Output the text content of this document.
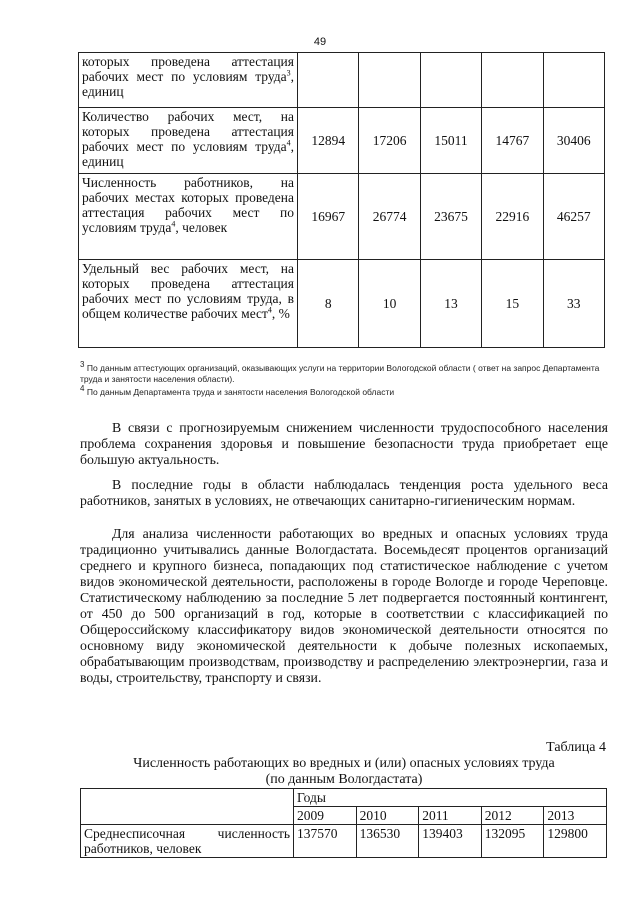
49
которых проведена аттестация рабочих мест по условиям труда$^3$, единиц					
Количество рабочих мест, на которых проведена аттестация рабочих мест по условиям труда$^4$, единиц	12894	17206	15011	14767	30406
Численность работников, на рабочих местах которых проведена аттестация рабочих мест по условиям труда$^4$, человек	16967	26774	23675	22916	46257
Удельный вес рабочих мест, на которых проведена аттестация рабочих мест по условиям труда, в общем количестве рабочих мест$^4$, %	8	10	13	15	33
$^3$ По данным аттестующих организаций, оказывающих услуги на территории Вологодской области ( ответ на запрос Департамента труда и занятости населения области).
$^4$ По данным Департамента труда и занятости населения Вологодской области
В связи с прогнозируемым снижением численности трудоспособного населения проблема сохранения здоровья и повышение безопасности труда приобретает еще большую актуальность.
В последние годы в области наблюдалась тенденция роста удельного веса работников, занятых в условиях, не отвечающих санитарно-гигиеническим нормам.
Для анализа численности работающих во вредных и опасных условиях труда традиционно учитывались данные Вологдастата. Восемьдесят процентов организаций среднего и крупного бизнеса, попадающих под статистическое наблюдение с учетом видов экономической деятельности, расположены в городе Вологде и городе Череповце. Статистическому наблюдению за последние 5 лет подвергается постоянный контингент, от 450 до 500 организаций в год, которые в соответствии с классификацией по Общероссийскому классификатору видов экономической деятельности относятся по основному виду экономической деятельности к добыче полезных ископаемых, обрабатывающим производствам, производству и распределению электроэнергии, газа и воды, строительству, транспорту и связи.
Таблица 4
Численность работающих во вредных и (или) опасных условиях труда
(по данным Вологдастата)
	Годы				
	2009	2010	2011	2012	2013
Среднесписочная численность работников, человек	137570	136530	139403	132095	129800
